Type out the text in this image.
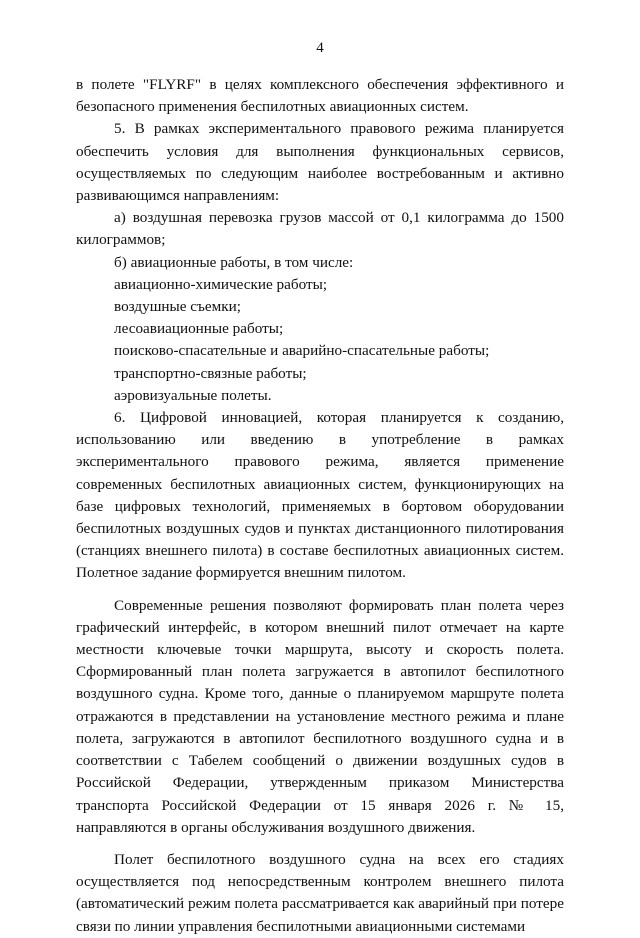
4

в полете "FLYRF" в целях комплексного обеспечения эффективного и безопасного применения беспилотных авиационных систем.

5. В рамках экспериментального правового режима планируется обеспечить условия для выполнения функциональных сервисов, осуществляемых по следующим наиболее востребованным и активно развивающимся направлениям:

а) воздушная перевозка грузов массой от 0,1 килограмма до 1500 килограммов;

б) авиационные работы, в том числе:

авиационно-химические работы;

воздушные съемки;

лесоавиационные работы;

поисково-спасательные и аварийно-спасательные работы;

транспортно-связные работы;

аэровизуальные полеты.

6. Цифровой инновацией, которая планируется к созданию, использованию или введению в употребление в рамках экспериментального правового режима, является применение современных беспилотных авиационных систем, функционирующих на базе цифровых технологий, применяемых в бортовом оборудовании беспилотных воздушных судов и пунктах дистанционного пилотирования (станциях внешнего пилота) в составе беспилотных авиационных систем. Полетное задание формируется внешним пилотом.

Современные решения позволяют формировать план полета через графический интерфейс, в котором внешний пилот отмечает на карте местности ключевые точки маршрута, высоту и скорость полета. Сформированный план полета загружается в автопилот беспилотного воздушного судна. Кроме того, данные о планируемом маршруте полета отражаются в представлении на установление местного режима и плане полета, загружаются в автопилот беспилотного воздушного судна и в соответствии с Табелем сообщений о движении воздушных судов в Российской Федерации, утвержденным приказом Министерства транспорта Российской Федерации от 15 января 2026 г. № 15, направляются в органы обслуживания воздушного движения.

Полет беспилотного воздушного судна на всех его стадиях осуществляется под непосредственным контролем внешнего пилота (автоматический режим полета рассматривается как аварийный при потере связи по линии управления беспилотными авиационными системами
